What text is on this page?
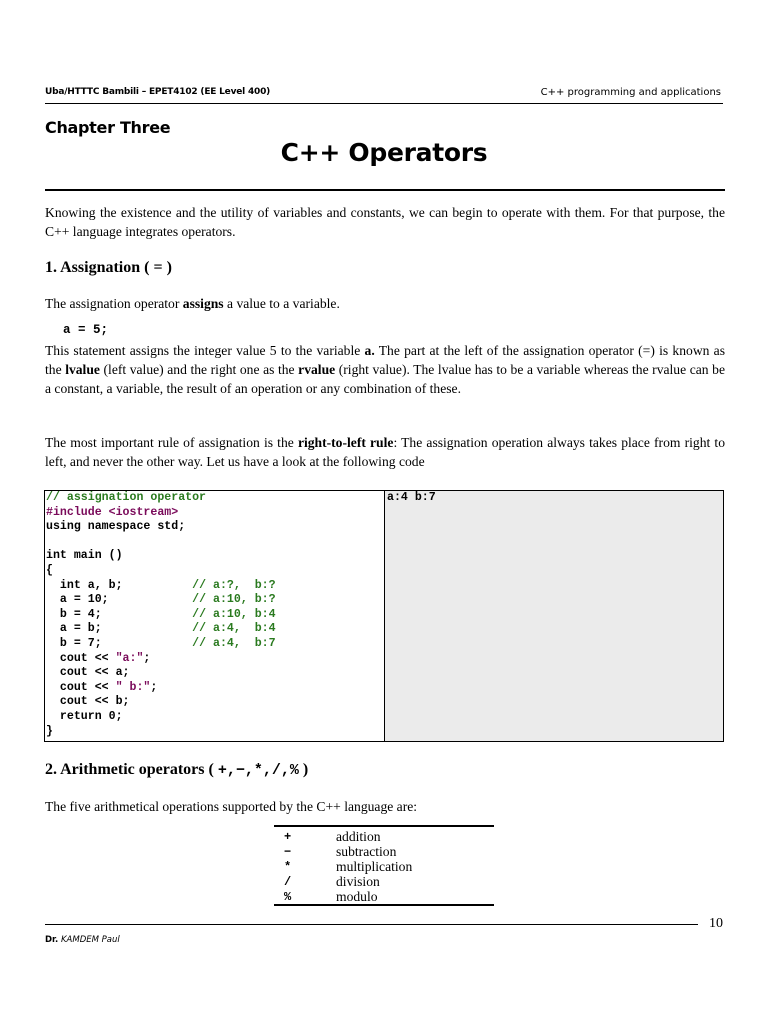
Uba/HTTTC Bambili – EPET4102 (EE Level 400)	C++ programming and applications
Chapter Three
C++ Operators

Knowing the existence and the utility of variables and constants, we can begin to operate with them. For that purpose, the C++ language integrates operators.

1. Assignation ( = )

The assignation operator assigns a value to a variable.

a = 5;

This statement assigns the integer value 5 to the variable a. The part at the left of the assignation operator (=) is known as the lvalue (left value) and the right one as the rvalue (right value). The lvalue has to be a variable whereas the rvalue can be a constant, a variable, the result of an operation or any combination of these.

The most important rule of assignation is the right-to-left rule: The assignation operation always takes place from right to left, and never the other way. Let us have a look at the following code

// assignation operator
#include <iostream>
using namespace std;

int main ()
{
int a, b;          // a:?,  b:?
a = 10;            // a:10, b:?
b = 4;             // a:10, b:4
a = b;             // a:4,  b:4
b = 7;             // a:4,  b:7
cout << "a:";
cout << a;
cout << " b:";
cout << b;
return 0;
}
a:4 b:7
2. Arithmetic operators ( +,−,*,/,% )

The five arithmetical operations supported by the C++ language are:

+	addition
−	subtraction
*	multiplication
/	division
%	modulo
10
Dr. KAMDEM Paul
